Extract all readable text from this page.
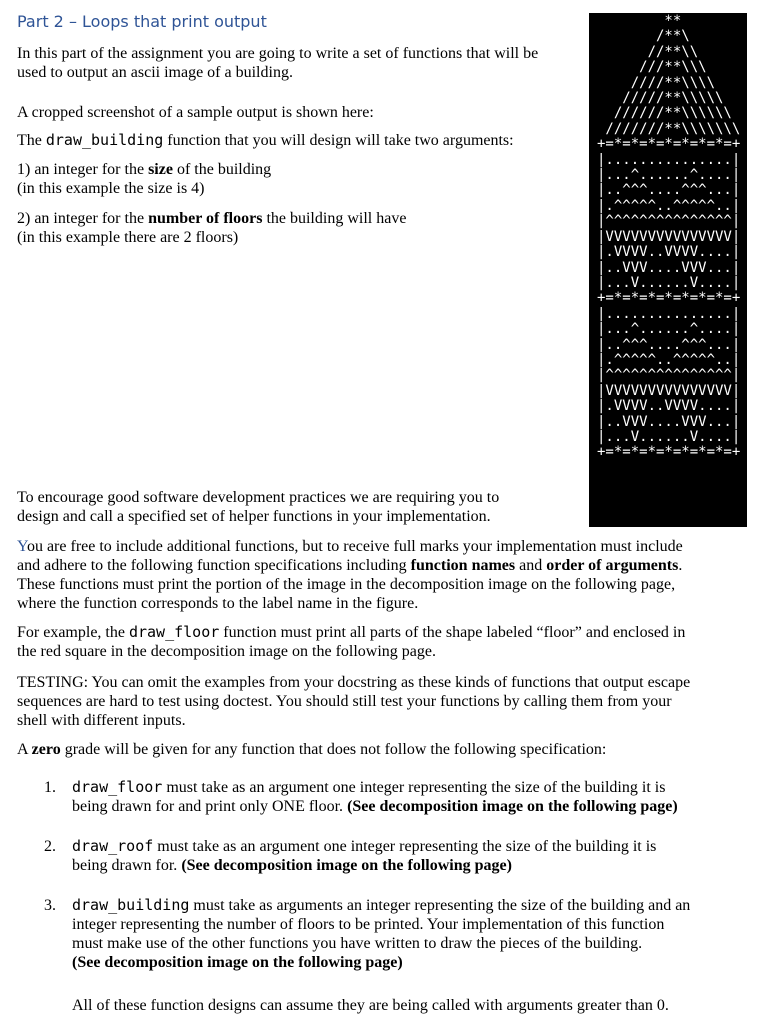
Part 2 – Loops that print output

In this part of the assignment you are going to write a set of functions that will be

used to output an ascii image of a building.

A cropped screenshot of a sample output is shown here:

The draw_building function that you will design will take two arguments:

1) an integer for the size of the building

(in this example the size is 4)

2) an integer for the number of floors the building will have

(in this example there are 2 floors)

**
/**\
//**\\
///**\\\
////**\\\\
/////**\\\\\
//////**\\\\\\
///////**\\\\\\\
+=*=*=*=*=*=*=*=+
|...............|
|...^......^....|
|..^^^....^^^...|
|.^^^^^..^^^^^..|
|^^^^^^^^^^^^^^^|
|VVVVVVVVVVVVVVV|
|.VVVV..VVVV....|
|..VVV....VVV...|
|...V......V....|
+=*=*=*=*=*=*=*=+
|...............|
|...^......^....|
|..^^^....^^^...|
|.^^^^^..^^^^^..|
|^^^^^^^^^^^^^^^|
|VVVVVVVVVVVVVVV|
|.VVVV..VVVV....|
|..VVV....VVV...|
|...V......V....|
+=*=*=*=*=*=*=*=+

To encourage good software development practices we are requiring you to

design and call a specified set of helper functions in your implementation.

You are free to include additional functions, but to receive full marks your implementation must include

and adhere to the following function specifications including function names and order of arguments.

These functions must print the portion of the image in the decomposition image on the following page,

where the function corresponds to the label name in the figure.

For example, the draw_floor function must print all parts of the shape labeled “floor” and enclosed in

the red square in the decomposition image on the following page.

TESTING: You can omit the examples from your docstring as these kinds of functions that output escape

sequences are hard to test using doctest. You should still test your functions by calling them from your

shell with different inputs.

A zero grade will be given for any function that does not follow the following specification:

1. draw_floor must take as an argument one integer representing the size of the building it is

being drawn for and print only ONE floor. (See decomposition image on the following page)

2. draw_roof must take as an argument one integer representing the size of the building it is

being drawn for. (See decomposition image on the following page)

3. draw_building must take as arguments an integer representing the size of the building and an

integer representing the number of floors to be printed. Your implementation of this function

must make use of the other functions you have written to draw the pieces of the building.

(See decomposition image on the following page)

All of these function designs can assume they are being called with arguments greater than 0.
